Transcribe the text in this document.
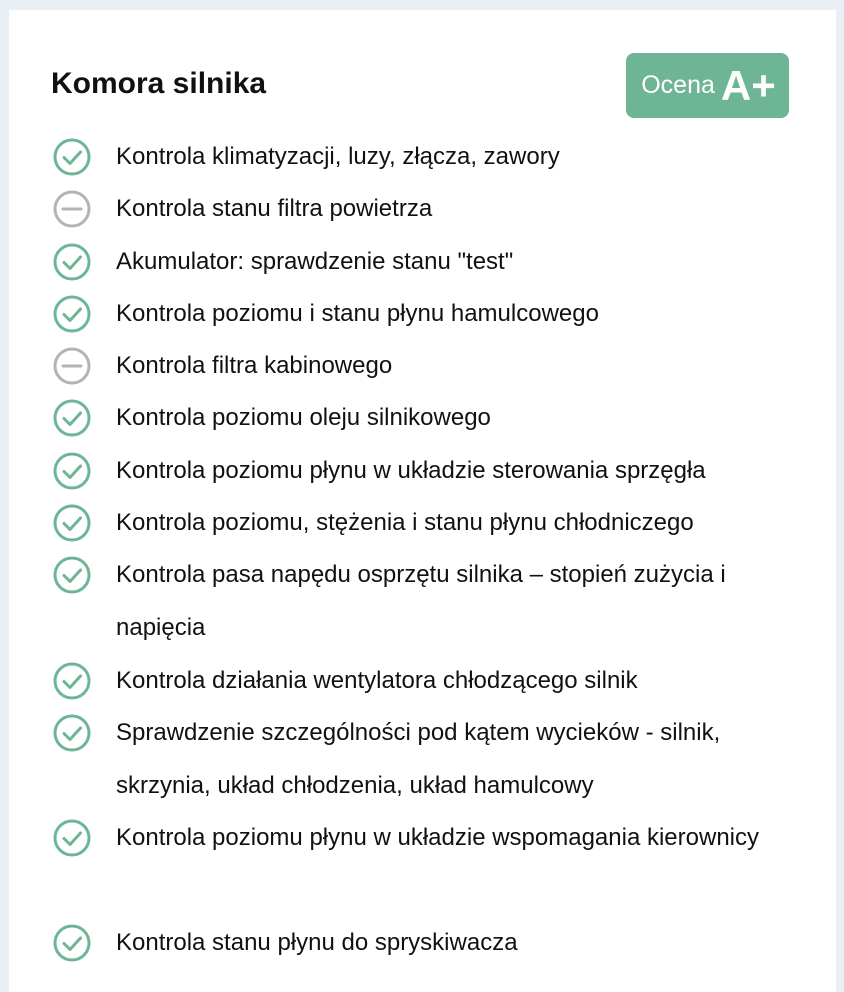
Komora silnika	Ocena A+
Kontrola klimatyzacji, luzy, złącza, zawory
Kontrola stanu filtra powietrza
Akumulator: sprawdzenie stanu "test"
Kontrola poziomu i stanu płynu hamulcowego
Kontrola filtra kabinowego
Kontrola poziomu oleju silnikowego
Kontrola poziomu płynu w układzie sterowania sprzęgła
Kontrola poziomu, stężenia i stanu płynu chłodniczego
Kontrola pasa napędu osprzętu silnika – stopień zużycia i napięcia
Kontrola działania wentylatora chłodzącego silnik
Sprawdzenie szczególności pod kątem wycieków - silnik, skrzynia, układ chłodzenia, układ hamulcowy
Kontrola poziomu płynu w układzie wspomagania kierownicy
Kontrola stanu płynu do spryskiwacza
